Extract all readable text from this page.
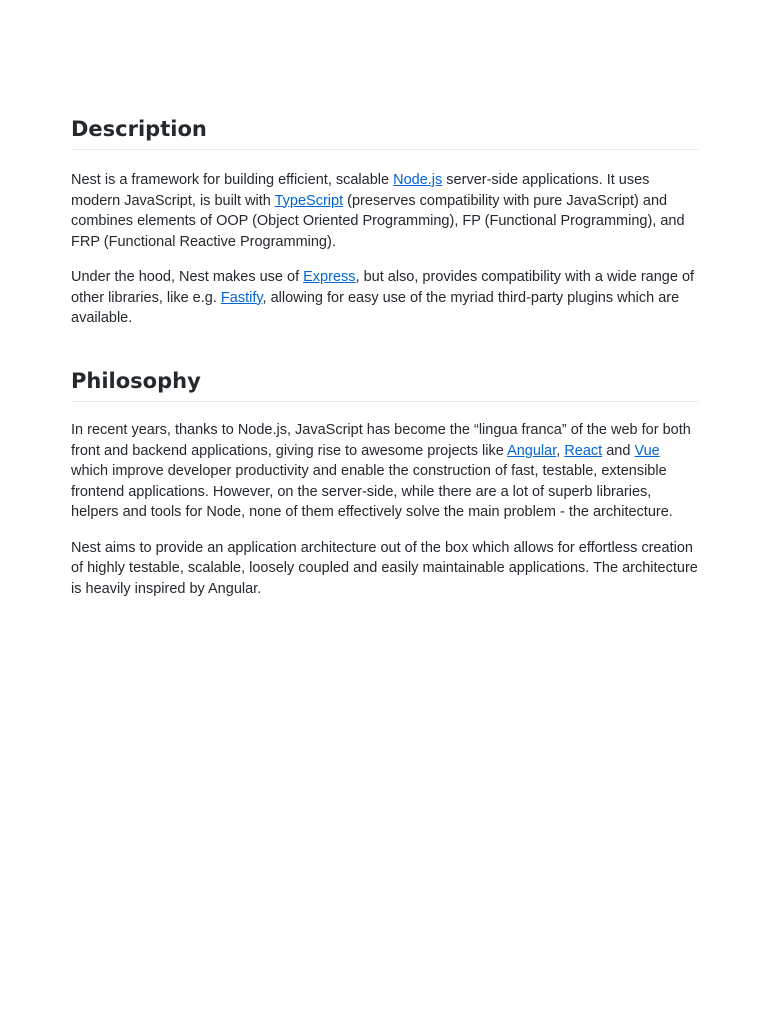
Description

Nest is a framework for building efficient, scalable Node.js server-side applications. It uses modern JavaScript, is built with TypeScript (preserves compatibility with pure JavaScript) and combines elements of OOP (Object Oriented Programming), FP (Functional Programming), and FRP (Functional Reactive Programming).

Under the hood, Nest makes use of Express, but also, provides compatibility with a wide range of other libraries, like e.g. Fastify, allowing for easy use of the myriad third-party plugins which are available.

Philosophy

In recent years, thanks to Node.js, JavaScript has become the “lingua franca” of the web for both front and backend applications, giving rise to awesome projects like Angular, React and Vue which improve developer productivity and enable the construction of fast, testable, extensible frontend applications. However, on the server-side, while there are a lot of superb libraries, helpers and tools for Node, none of them effectively solve the main problem - the architecture.

Nest aims to provide an application architecture out of the box which allows for effortless creation of highly testable, scalable, loosely coupled and easily maintainable applications. The architecture is heavily inspired by Angular.
